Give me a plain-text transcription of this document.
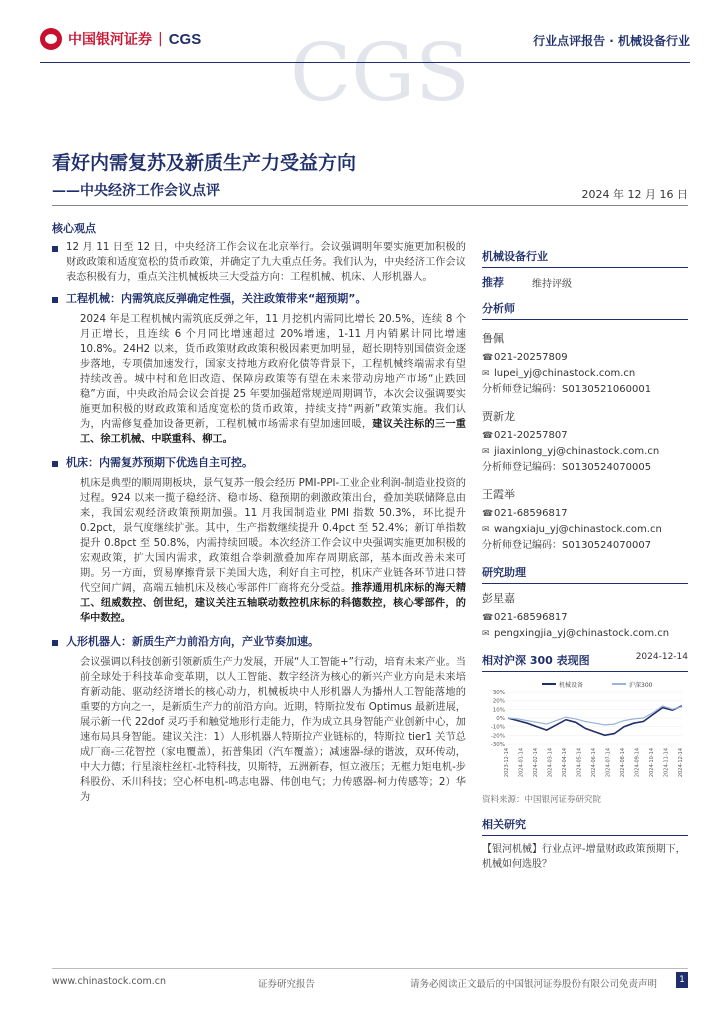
中国银河证券 | CGS CGS	行业点评报告 · 机械设备行业
看好内需复苏及新质生产力受益方向
——中央经济工作会议点评	2024 年 12 月 16 日
核心观点

12 月 11 日至 12 日，中央经济工作会议在北京举行。会议强调明年要实施更加积极的财政政策和适度宽松的货币政策，并确定了九大重点任务。我们认为，中央经济工作会议表态积极有力，重点关注机械板块三大受益方向：工程机械、机床、人形机器人。

工程机械：内需筑底反弹确定性强，关注政策带来“超预期”。

2024 年是工程机械内需筑底反弹之年，11 月挖机内需同比增长 20.5%，连续 8 个月正增长，且连续 6 个月同比增速超过 20%增速，1-11 月内销累计同比增速 10.8%。24H2 以来，货币政策财政政策积极因素更加明显，超长期特别国债资金逐步落地，专项债加速发行，国家支持地方政府化债等背景下，工程机械终端需求有望持续改善。城中村和危旧改造、保障房政策等有望在未来带动房地产市场“止跌回稳”方面，中央政治局会议会首提 25 年要加强超常规逆周期调节，本次会议强调要实施更加积极的财政政策和适度宽松的货币政策，持续支持“两新”政策实施。我们认为，内需修复叠加设备更新，工程机械市场需求有望加速回暖，建议关注标的三一重工、徐工机械、中联重科、柳工。

机床：内需复苏预期下优选自主可控。

机床是典型的顺周期板块，景气复苏一般会经历 PMI-PPI-工业企业利润-制造业投资的过程。924 以来一揽子稳经济、稳市场、稳预期的刺激政策出台，叠加美联储降息由来，我国宏观经济政策预期加强。11 月我国制造业 PMI 指数 50.3%，环比提升 0.2pct，景气度继续扩张。其中，生产指数继续提升 0.4pct 至 52.4%；新订单指数提升 0.8pct 至 50.8%，内需持续回暖。本次经济工作会议中央强调实施更加积极的宏观政策，扩大国内需求，政策组合拳刺激叠加库存周期底部，基本面改善未来可期。另一方面，贸易摩擦背景下美国大选，利好自主可控，机床产业链各环节进口替代空间广阔，高端五轴机床及核心零部件厂商将充分受益。推荐通用机床标的海天精工、纽威数控、创世纪，建议关注五轴联动数控机床标的科德数控，核心零部件，的华中数控。

人形机器人：新质生产力前沿方向，产业节奏加速。

会议强调以科技创新引领新质生产力发展，开展“人工智能+”行动，培育未来产业。当前全球处于科技革命变革期，以人工智能、数字经济为核心的新兴产业方向是未来培育新动能、驱动经济增长的核心动力，机械板块中人形机器人为播州人工智能落地的重要的方向之一，是新质生产力的前沿方向。近期，特斯拉发布 Optimus 最新进展，展示新一代 22dof 灵巧手和触觉地形行走能力，作为成立具身智能产业创新中心，加速布局具身智能。建议关注：1）人形机器人特斯拉产业链标的，特斯拉 tier1 关节总成厂商-三花智控（家电覆盖），拓普集团（汽车覆盖）；减速器-绿的谐波，双环传动，中大力德；行星滚柱丝杠-北特科技，贝斯特，五洲新春，恒立液压；无框力矩电机-步科股份、禾川科技；空心杯电机-鸣志电器、伟创电气；力传感器-柯力传感等；2）华为

机械设备行业
推荐	维持评级
分析师
鲁佩
☎021-20257809
✉ lupei_yj@chinastock.com.cn
分析师登记编码：S0130521060001
贾新龙
☎021-20257807
✉ jiaxinlong_yj@chinastock.com.cn
分析师登记编码：S0130524070005
王霞举
☎021-68596817
✉ wangxiaju_yj@chinastock.com.cn
分析师登记编码：S0130524070007
研究助理
彭星嘉
☎021-68596817
✉ pengxingjia_yj@chinastock.com.cn
相对沪深 300 表现图	2024-12-14
机械设备	沪深300
30%
20%
10%
0%
-10%
-20%
-30%
2023-12-14 2024-01-14 2024-02-14 2024-03-14 2024-04-14 2024-05-14 2024-06-14 2024-07-14 2024-08-14 2024-09-14 2024-10-14 2024-11-14 2024-12-14
资料来源：中国银河证券研究院
相关研究
【银河机械】行业点评-增量财政政策预期下，机械如何选股？
www.chinastock.com.cn	证券研究报告	请务必阅读正文最后的中国银河证券股份有限公司免责声明	1
